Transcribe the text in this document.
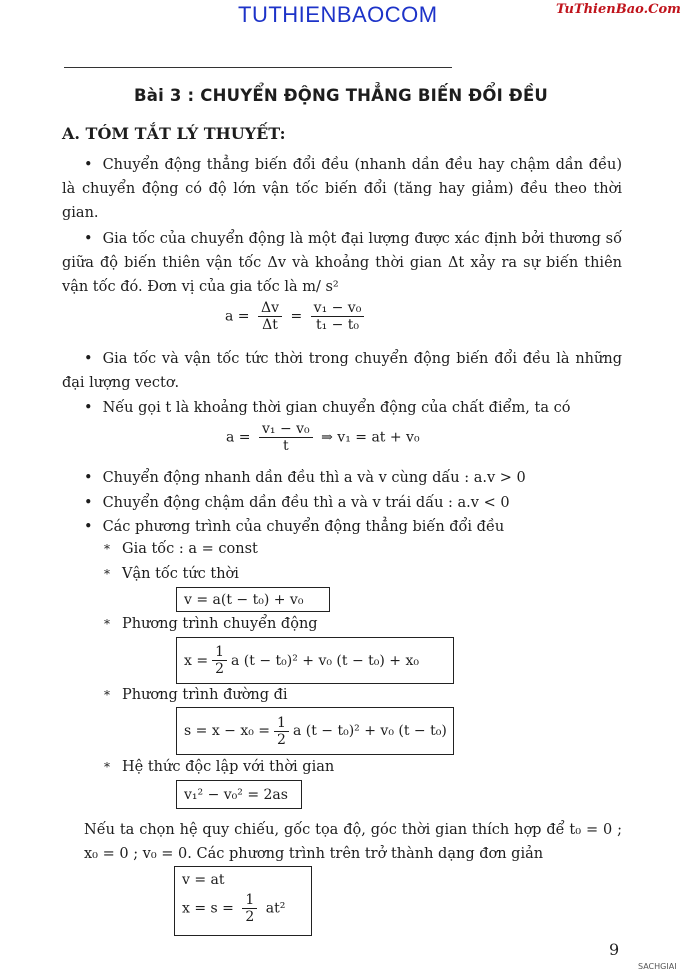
TUTHIENBAOCOM	TuThienBao.Com
Bài 3 : CHUYỂN ĐỘNG THẲNG BIẾN ĐỔI ĐỀU
A. TÓM TẮT LÝ THUYẾT:
• Chuyển động thẳng biến đổi đều (nhanh dần đều hay chậm dần đều) là chuyển động có độ lớn vận tốc biến đổi (tăng hay giảm) đều theo thời gian.
• Gia tốc của chuyển động là một đại lượng được xác định bởi thương số giữa độ biến thiên vận tốc Δv và khoảng thời gian Δt xảy ra sự biến thiên vận tốc đó. Đơn vị của gia tốc là m/ s²
$a = \frac{\Delta v}{\Delta t} = \frac{\text{v₁ − v₀}}{\text{t₁ − t₀}}$
• Gia tốc và vận tốc tức thời trong chuyển động biến đổi đều là những đại lượng vectơ.
• Nếu gọi t là khoảng thời gian chuyển động của chất điểm, ta có
$a = \frac{\text{v₁ − v₀}}{t}$ ⇒ v₁ = at + v₀
• Chuyển động nhanh dần đều thì a và v cùng dấu : a.v > 0
• Chuyển động chậm dần đều thì a và v trái dấu : a.v < 0
• Các phương trình của chuyển động thẳng biến đổi đều
* Gia tốc : a = const
* Vận tốc tức thời
v = a(t − t₀) + v₀
* Phương trình chuyển động
$x = \frac{1}{2}$ a (t − t₀)² + v₀ (t − t₀) + x₀
* Phương trình đường đi
$s = x - x_0 = \frac{1}{2}$ a (t − t₀)² + v₀ (t − t₀)
* Hệ thức độc lập với thời gian
v₁² − v₀² = 2as
Nếu ta chọn hệ quy chiếu, gốc tọa độ, góc thời gian thích hợp để t₀ = 0 ; x₀ = 0 ; v₀ = 0. Các phương trình trên trở thành dạng đơn giản
v = at
$x = s = \frac{1}{2} at^2$
9
SACHGIAI
